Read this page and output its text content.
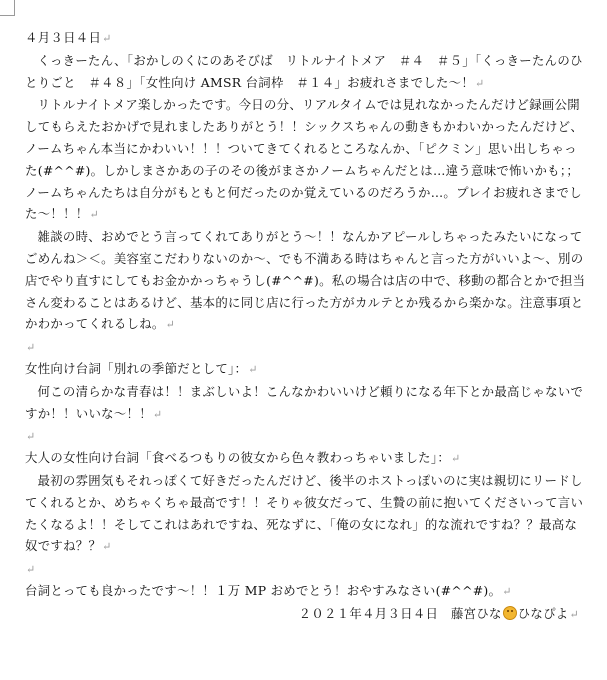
４月３日４日↵

くっきーたん、「おかしのくにのあそびば　リトルナイトメア　＃４　＃５」「くっきーたんのひとりごと　＃４８」「女性向け AMSR 台詞枠　＃１４」お疲れさまでした～！↵

リトルナイトメア楽しかったです。今日の分、リアルタイムでは見れなかったんだけど録画公開してもらえたおかげで見れましたありがとう！！シックスちゃんの動きもかわいかったんだけど、ノームちゃん本当にかわいい！！！ついてきてくれるところなんか、「ピクミン」思い出しちゃった(#^^#)。しかしまさかあの子のその後がまさかノームちゃんだとは…違う意味で怖いかも；；ノームちゃんたちは自分がもともと何だったのか覚えているのだろうか…。プレイお疲れさまでした～！！！↵

雑談の時、おめでとう言ってくれてありがとう～！！なんかアピールしちゃったみたいになってごめんね＞＜。美容室こだわりないのか～、でも不満ある時はちゃんと言った方がいいよ～、別の店でやり直すにしてもお金かかっちゃうし(#^^#)。私の場合は店の中で、移動の都合とかで担当さん変わることはあるけど、基本的に同じ店に行った方がカルテとか残るから楽かな。注意事項とかわかってくれるしね。↵

↵

女性向け台詞「別れの季節だとして」：↵

何この清らかな青春は！！まぶしいよ！こんなかわいいけど頼りになる年下とか最高じゃないですか！！いいな～！！↵

↵

大人の女性向け台詞「食べるつもりの彼女から色々教わっちゃいました」：↵

最初の雰囲気もそれっぽくて好きだったんだけど、後半のホストっぽいのに実は親切にリードしてくれるとか、めちゃくちゃ最高です！！そりゃ彼女だって、生贄の前に抱いてくださいって言いたくなるよ！！そしてこれはあれですね、死なずに、「俺の女になれ」的な流れですね？？最高な奴ですね？？↵

↵

台詞とっても良かったです～！！１万 MP おめでとう！おやすみなさい(#^^#)。↵

２０２１年４月３日４日　 藤宮ひな ひなぴよ↵
